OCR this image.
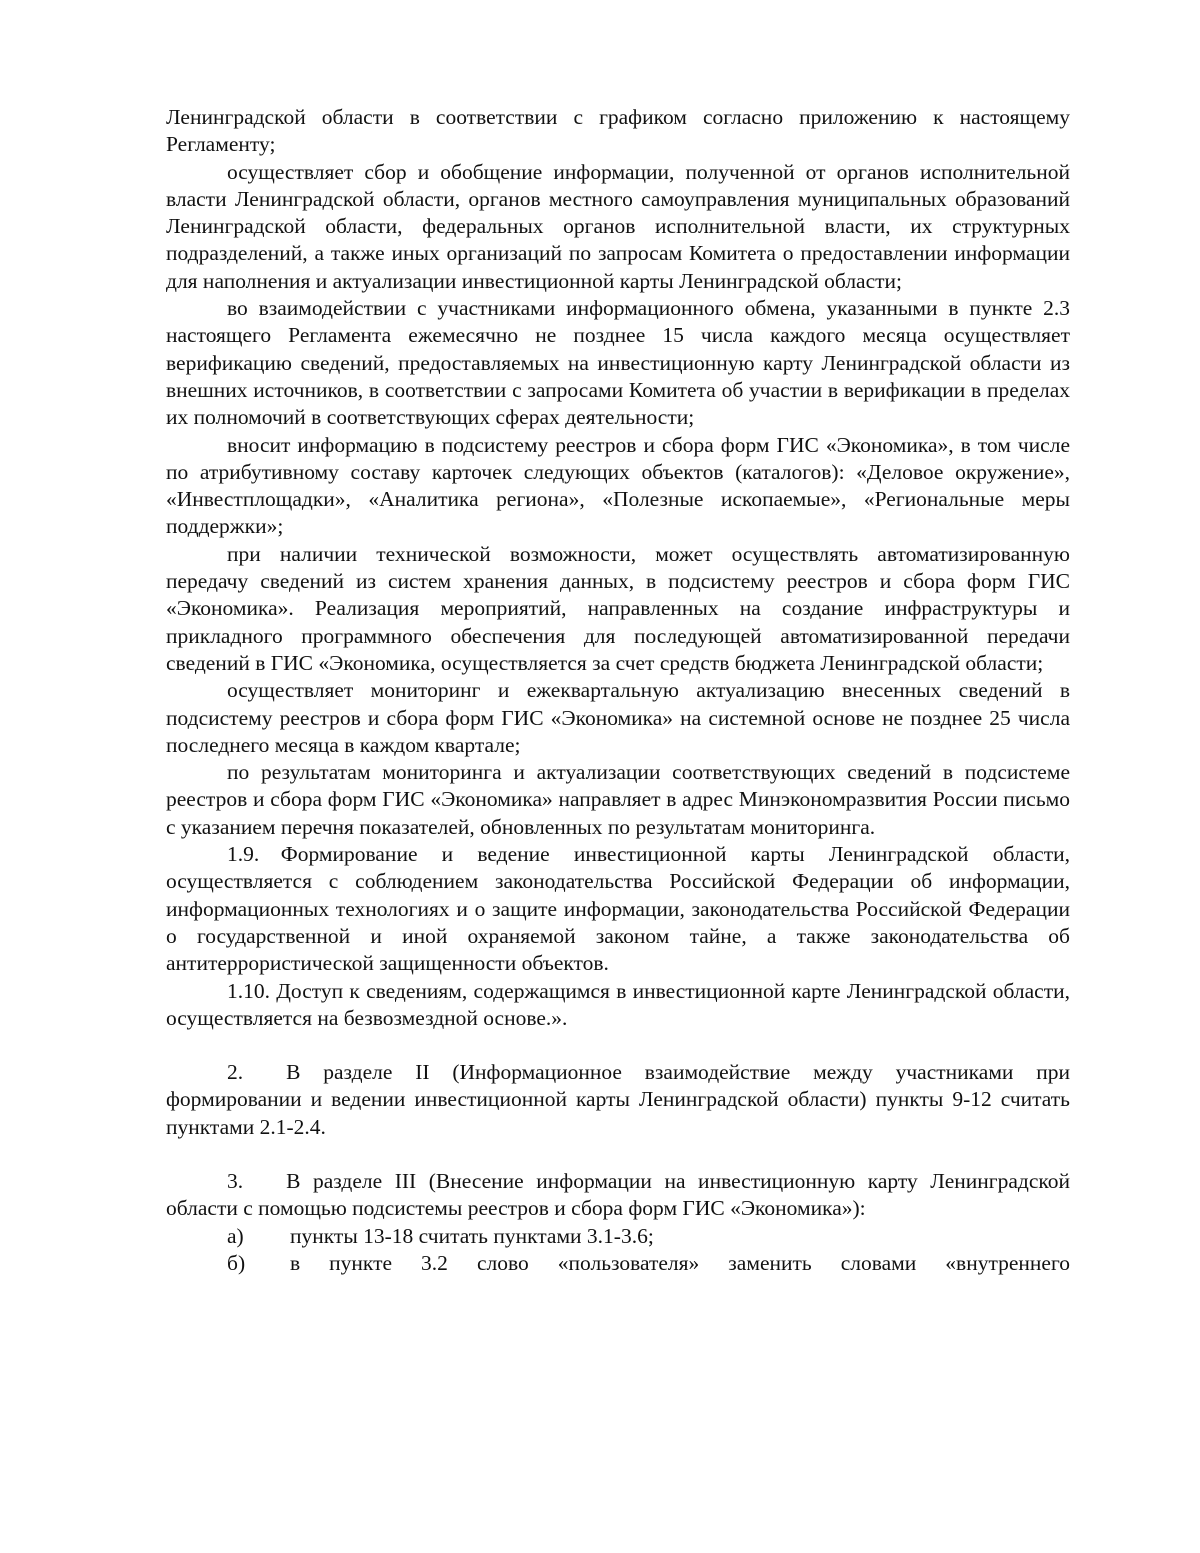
Ленинградской области в соответствии с графиком согласно приложению к настоящему Регламенту;

осуществляет сбор и обобщение информации, полученной от органов исполнительной власти Ленинградской области, органов местного самоуправления муниципальных образований Ленинградской области, федеральных органов исполнительной власти, их структурных подразделений, а также иных организаций по запросам Комитета о предоставлении информации для наполнения и актуализации инвестиционной карты Ленинградской области;

во взаимодействии с участниками информационного обмена, указанными в пункте 2.3 настоящего Регламента ежемесячно не позднее 15 числа каждого месяца осуществляет верификацию сведений, предоставляемых на инвестиционную карту Ленинградской области из внешних источников, в соответствии с запросами Комитета об участии в верификации в пределах их полномочий в соответствующих сферах деятельности;

вносит информацию в подсистему реестров и сбора форм ГИС «Экономика», в том числе по атрибутивному составу карточек следующих объектов (каталогов): «Деловое окружение», «Инвестплощадки», «Аналитика региона», «Полезные ископаемые», «Региональные меры поддержки»;

при наличии технической возможности, может осуществлять автоматизированную передачу сведений из систем хранения данных, в подсистему реестров и сбора форм ГИС «Экономика». Реализация мероприятий, направленных на создание инфраструктуры и прикладного программного обеспечения для последующей автоматизированной передачи сведений в ГИС «Экономика, осуществляется за счет средств бюджета Ленинградской области;

осуществляет мониторинг и ежеквартальную актуализацию внесенных сведений в подсистему реестров и сбора форм ГИС «Экономика» на системной основе не позднее 25 числа последнего месяца в каждом квартале;

по результатам мониторинга и актуализации соответствующих сведений в подсистеме реестров и сбора форм ГИС «Экономика» направляет в адрес Минэкономразвития России письмо с указанием перечня показателей, обновленных по результатам мониторинга.

1.9. Формирование и ведение инвестиционной карты Ленинградской области, осуществляется с соблюдением законодательства Российской Федерации об информации, информационных технологиях и о защите информации, законодательства Российской Федерации о государственной и иной охраняемой законом тайне, а также законодательства об антитеррористической защищенности объектов.

1.10. Доступ к сведениям, содержащимся в инвестиционной карте Ленинградской области, осуществляется на безвозмездной основе.».

2.  В разделе II (Информационное взаимодействие между участниками при формировании и ведении инвестиционной карты Ленинградской области) пункты 9-12 считать пунктами 2.1-2.4.

3.  В разделе III (Внесение информации на инвестиционную карту Ленинградской области с помощью подсистемы реестров и сбора форм ГИС «Экономика»):

а)	пункты 13-18 считать пунктами 3.1-3.6;
б)	в пункте 3.2 слово «пользователя» заменить словами «внутреннего
